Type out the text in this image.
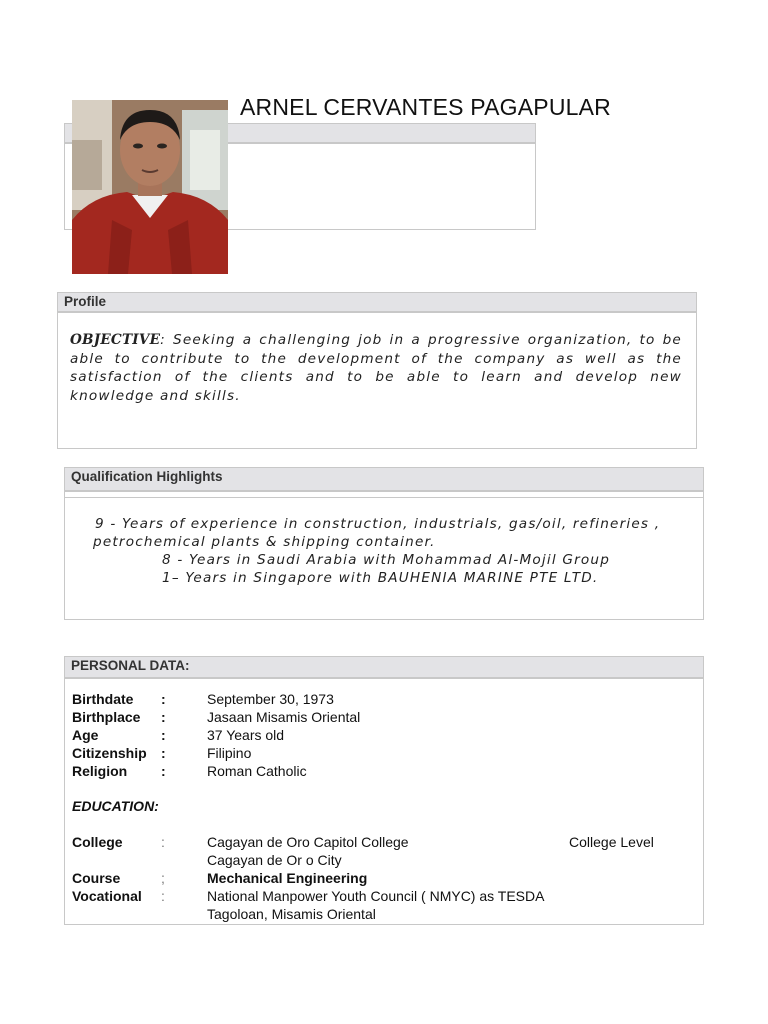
ARNEL CERVANTES PAGAPULAR
Profile
OBJECTIVE: Seeking a challenging job in a progressive organization, to be able to contribute to the development of the company as well as the satisfaction of the clients and to be able to learn and develop new knowledge and skills.
Qualification Highlights
9 - Years of experience in construction, industrials, gas/oil, refineries ,
petrochemical plants & shipping container.
8 - Years in Saudi Arabia with Mohammad Al-Mojil Group
1– Years in Singapore with BAUHENIA MARINE PTE LTD.
PERSONAL DATA:
Birthdate :	September 30, 1973
Birthplace :	Jasaan Misamis Oriental
Age	:	37 Years old
Citizenship :	Filipino
Religion :	Roman Catholic
EDUCATION:
College	:	Cagayan de Oro Capitol College	College Level
Cagayan de Or o City
Course	;	Mechanical Engineering
Vocational :	National Manpower Youth Council ( NMYC) as TESDA
Tagoloan, Misamis Oriental
